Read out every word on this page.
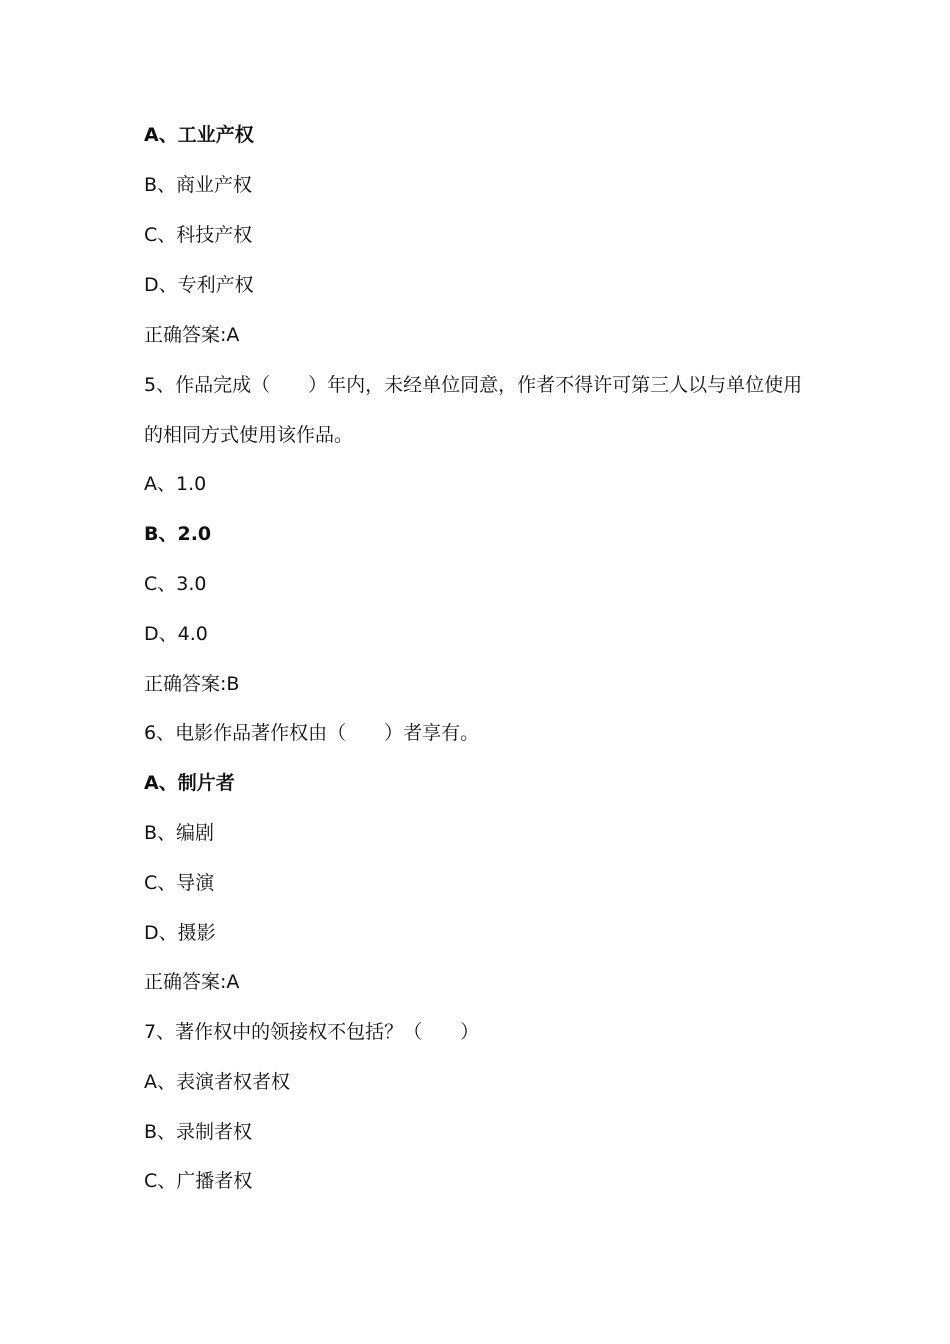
A、工业产权

B、商业产权

C、科技产权

D、专利产权

正确答案:A

5、作品完成（　　）年内，未经单位同意，作者不得许可第三人以与单位使用

的相同方式使用该作品。

A、1.0

B、2.0

C、3.0

D、4.0

正确答案:B

6、电影作品著作权由（　　）者享有。

A、制片者

B、编剧

C、导演

D、摄影

正确答案:A

7、著作权中的领接权不包括？（　　）

A、表演者权者权

B、录制者权

C、广播者权
